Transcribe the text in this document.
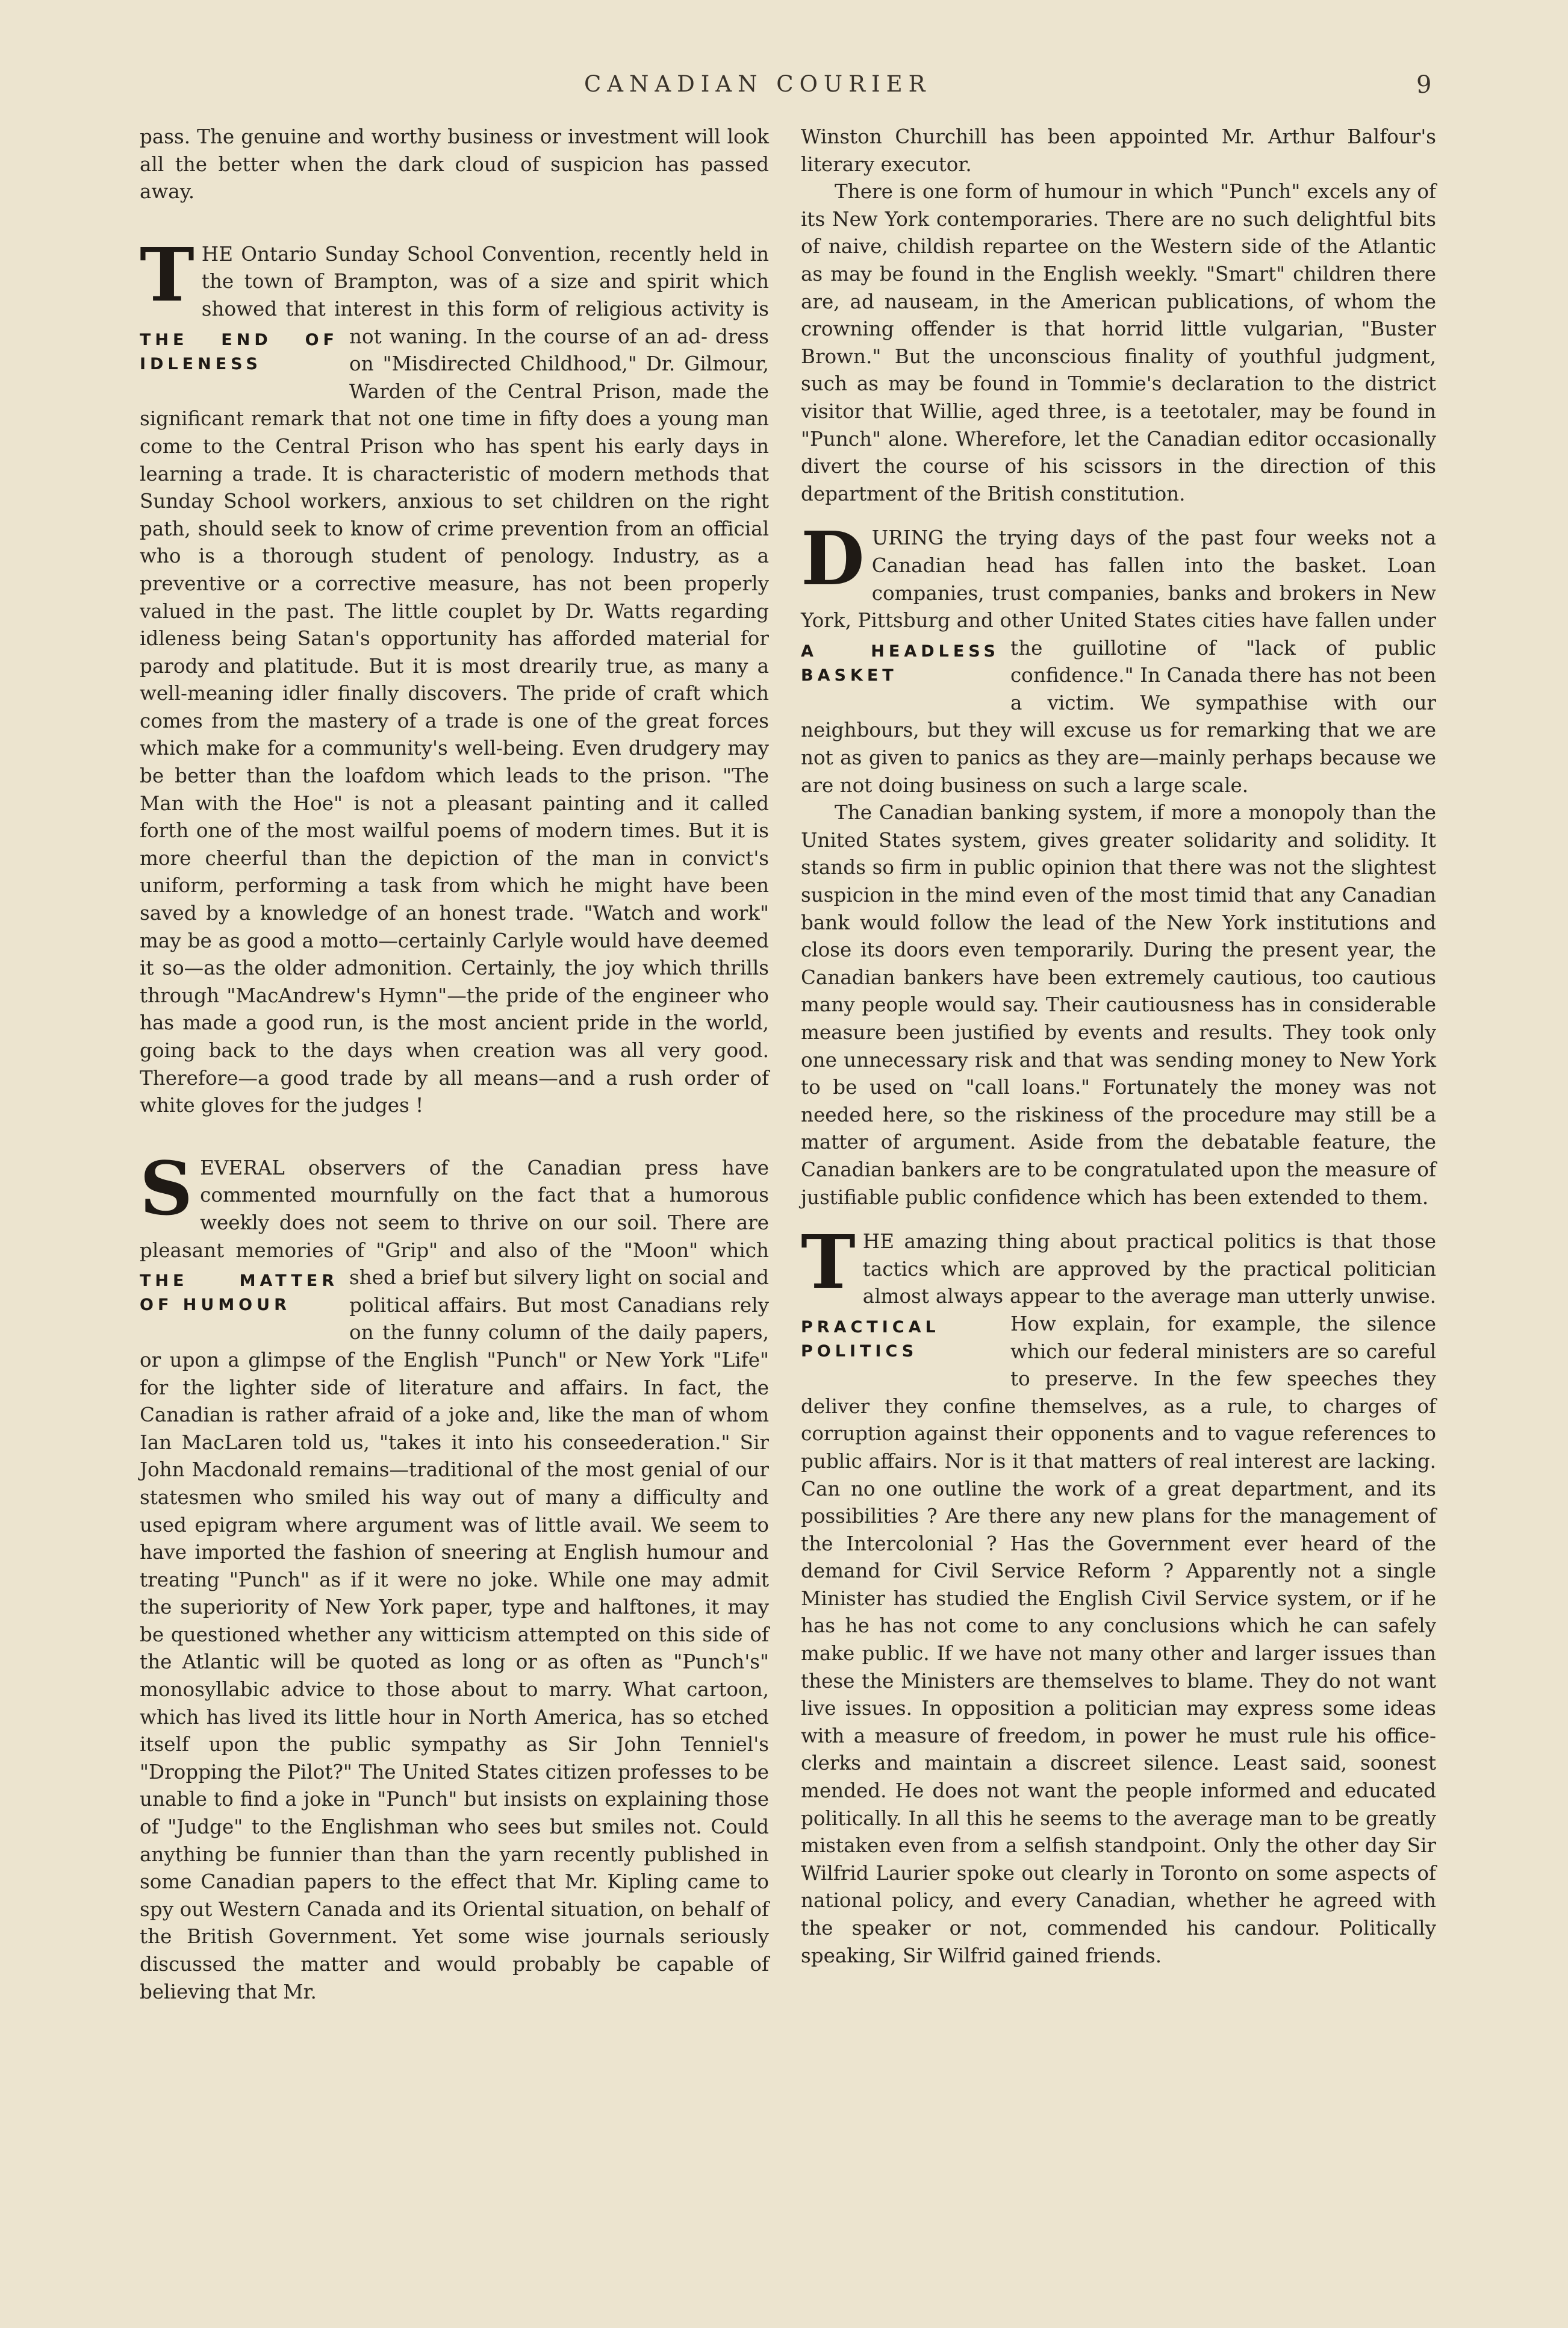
CANADIAN COURIER	9

pass. The genuine and worthy business or investment will look all the better when the dark cloud of suspicion has passed away.

THE Ontario Sunday School Convention, recently held in the town of Brampton, was of a size and spirit which showed that interest in this form of religious activity is not waning. In the course of an ad-
THE END OF IDLENESS
dress on "Misdirected Childhood," Dr. Gilmour, Warden of the Central Prison, made the significant remark that not one time in fifty does a young man come to the Central Prison who has spent his early days in learning a trade. It is characteristic of modern methods that Sunday School workers, anxious to set children on the right path, should seek to know of crime prevention from an official who is a thorough student of penology. Industry, as a preventive or a corrective measure, has not been properly valued in the past. The little couplet by Dr. Watts regarding idleness being Satan's opportunity has afforded material for parody and platitude. But it is most drearily true, as many a well-meaning idler finally discovers. The pride of craft which comes from the mastery of a trade is one of the great forces which make for a community's well-being. Even drudgery may be better than the loafdom which leads to the prison. "The Man with the Hoe" is not a pleasant painting and it called forth one of the most wailful poems of modern times. But it is more cheerful than the depiction of the man in convict's uniform, performing a task from which he might have been saved by a knowledge of an honest trade. "Watch and work" may be as good a motto—certainly Carlyle would have deemed it so—as the older admonition. Certainly, the joy which thrills through "MacAndrew's Hymn"—the pride of the engineer who has made a good run, is the most ancient pride in the world, going back to the days when creation was all very good. Therefore—a good trade by all means—and a rush order of white gloves for the judges !

SEVERAL observers of the Canadian press have commented mournfully on the fact that a humorous weekly does not seem to thrive on our soil. There are pleasant memories of "Grip" and also of the
THE MATTER OF HUMOUR
"Moon" which shed a brief but silvery light on social and political affairs. But most Canadians rely on the funny column of the daily papers, or upon a glimpse of the English "Punch" or New York "Life" for the lighter side of literature and affairs. In fact, the Canadian is rather afraid of a joke and, like the man of whom Ian MacLaren told us, "takes it into his conseederation." Sir John Macdonald remains—traditional of the most genial of our statesmen who smiled his way out of many a difficulty and used epigram where argument was of little avail. We seem to have imported the fashion of sneering at English humour and treating "Punch" as if it were no joke. While one may admit the superiority of New York paper, type and halftones, it may be questioned whether any witticism attempted on this side of the Atlantic will be quoted as long or as often as "Punch's" monosyllabic advice to those about to marry. What cartoon, which has lived its little hour in North America, has so etched itself upon the public sympathy as Sir John Tenniel's "Dropping the Pilot?" The United States citizen professes to be unable to find a joke in "Punch" but insists on explaining those of "Judge" to the Englishman who sees but smiles not. Could anything be funnier than than the yarn recently published in some Canadian papers to the effect that Mr. Kipling came to spy out Western Canada and its Oriental situation, on behalf of the British Government. Yet some wise journals seriously discussed the matter and would probably be capable of believing that Mr.

Winston Churchill has been appointed Mr. Arthur Balfour's literary executor.

There is one form of humour in which "Punch" excels any of its New York contemporaries. There are no such delightful bits of naive, childish repartee on the Western side of the Atlantic as may be found in the English weekly. "Smart" children there are, ad nauseam, in the American publications, of whom the crowning offender is that horrid little vulgarian, "Buster Brown." But the unconscious finality of youthful judgment, such as may be found in Tommie's declaration to the district visitor that Willie, aged three, is a teetotaler, may be found in "Punch" alone. Wherefore, let the Canadian editor occasionally divert the course of his scissors in the direction of this department of the British constitution.

DURING the trying days of the past four weeks not a Canadian head has fallen into the basket. Loan companies, trust companies, banks and brokers in New York, Pittsburg and other United States cities have
A HEADLESS BASKET
fallen under the guillotine of "lack of public confidence." In Canada there has not been a victim. We sympathise with our neighbours, but they will excuse us for remarking that we are not as given to panics as they are—mainly perhaps because we are not doing business on such a large scale.

The Canadian banking system, if more a monopoly than the United States system, gives greater solidarity and solidity. It stands so firm in public opinion that there was not the slightest suspicion in the mind even of the most timid that any Canadian bank would follow the lead of the New York institutions and close its doors even temporarily. During the present year, the Canadian bankers have been extremely cautious, too cautious many people would say. Their cautiousness has in considerable measure been justified by events and results. They took only one unnecessary risk and that was sending money to New York to be used on "call loans." Fortunately the money was not needed here, so the riskiness of the procedure may still be a matter of argument. Aside from the debatable feature, the Canadian bankers are to be congratulated upon the measure of justifiable public confidence which has been extended to them.

THE amazing thing about practical politics is that those tactics which are approved by the practical politician almost always appear to the average man utterly unwise. How explain, for example, the silence
PRACTICAL POLITICS	which our federal ministers are so careful to preserve. In the few speeches they deliver they confine themselves, as a rule, to charges of corruption against their opponents and to vague references to public affairs. Nor is it that matters of real interest are lacking. Can no one outline the work of a great department, and its possibilities ? Are there any new plans for the management of the Intercolonial ? Has the Government ever heard of the demand for Civil Service Reform ? Apparently not a single Minister has studied the English Civil Service system, or if he has he has not come to any conclusions which he can safely make public. If we have not many other and larger issues than these the Ministers are themselves to blame. They do not want live issues. In opposition a politician may express some ideas with a measure of freedom, in power he must rule his office-clerks and maintain a discreet silence. Least said, soonest mended. He does not want the people informed and educated politically. In all this he seems to the average man to be greatly mistaken even from a selfish standpoint. Only the other day Sir Wilfrid Laurier spoke out clearly in Toronto on some aspects of national policy, and every Canadian, whether he agreed with the speaker or not, commended his candour. Politically speaking, Sir Wilfrid gained friends.
